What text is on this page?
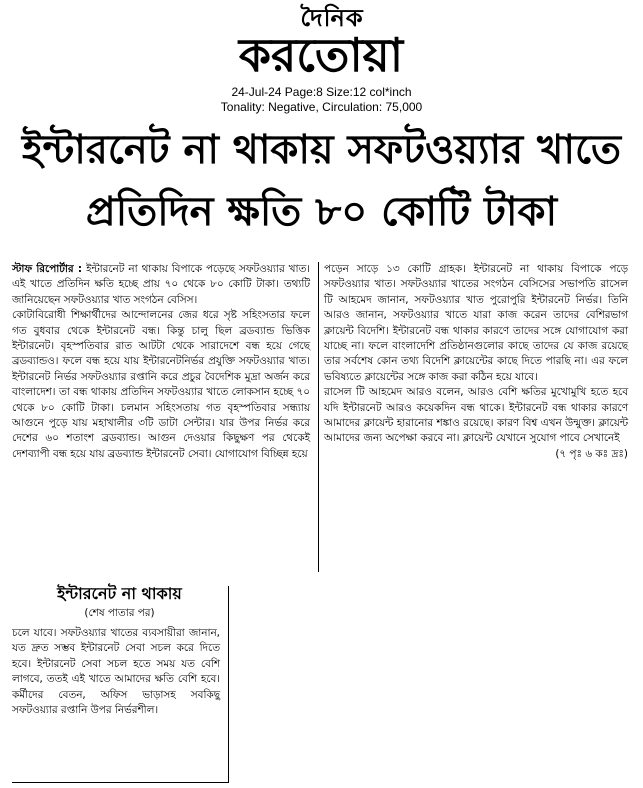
দৈনিক
করতোয়া
24-Jul-24 Page:8 Size:12 col*inch
Tonality: Negative, Circulation: 75,000
ইন্টারনেট না থাকায় সফটওয়্যার খাতে
প্রতিদিন ক্ষতি ৮০ কোটি টাকা

স্টাফ রিপোর্টার : ইন্টারনেট না থাকায় বিপাকে পড়েছে সফটওয়্যার খাত। এই খাতে প্রতিদিন ক্ষতি হচ্ছে প্রায় ৭০ থেকে ৮০ কোটি টাকা। তথ্যটি জানিয়েছেন সফটওয়্যার খাত সংগঠন বেসিস।

কোটাবিরোধী শিক্ষার্থীদের আন্দোলনের জের ধরে সৃষ্ট সহিংসতার ফলে গত বুধবার থেকে ইন্টারনেট বন্ধ। কিন্তু চালু ছিল ব্রডব্যান্ড ভিত্তিক ইন্টারনেট। বৃহস্পতিবার রাত আটটা থেকে সারাদেশে বন্ধ হয়ে গেছে ব্রডব্যান্ডও। ফলে বন্ধ হয়ে যায় ইন্টারনেটনির্ভর প্রযুক্তি সফটওয়্যার খাত। ইন্টারনেট নির্ভর সফটওয়্যার রপ্তানি করে প্রচুর বৈদেশিক মুদ্রা অর্জন করে বাংলাদেশ। তা বন্ধ থাকায় প্রতিদিন সফটওয়্যার খাতে লোকসান হচ্ছে ৭০ থেকে ৮০ কোটি টাকা। চলমান সহিংসতায় গত বৃহস্পতিবার সন্ধ্যায় আগুনে পুড়ে যায় মহাখালীর ৩টি ডাটা সেন্টার। যার উপর নির্ভর করে দেশের ৬০ শতাংশ ব্রডব্যান্ড। আগুন দেওয়ার কিছুক্ষণ পর থেকেই দেশব্যাপী বন্ধ হয়ে যায় ব্রডব্যান্ড ইন্টারনেট সেবা। যোগাযোগ বিচ্ছিন্ন হয়ে

পড়েন সাড়ে ১৩ কোটি গ্রাহক। ইন্টারনেট না থাকায় বিপাকে পড়ে সফটওয়্যার খাত। সফটওয়্যার খাতের সংগঠন বেসিসের সভাপতি রাসেল টি আহমেদ জানান, সফটওয়্যার খাত পুরোপুরি ইন্টারনেট নির্ভর। তিনি আরও জানান, সফটওয়্যার খাতে যারা কাজ করেন তাদের বেশিরভাগ ক্লায়েন্ট বিদেশি। ইন্টারনেট বন্ধ থাকার কারণে তাদের সঙ্গে যোগাযোগ করা যাচ্ছে না। ফলে বাংলাদেশি প্রতিষ্ঠানগুলোর কাছে তাদের যে কাজ রয়েছে তার সর্বশেষ কোন তথ্য বিদেশি ক্লায়েন্টের কাছে দিতে পারছি না। এর ফলে ভবিষ্যতে ক্লায়েন্টের সঙ্গে কাজ করা কঠিন হয়ে যাবে।

রাসেল টি আহমেদ আরও বলেন, আরও বেশি ক্ষতির মুখোমুখি হতে হবে যদি ইন্টারনেট আরও কয়েকদিন বন্ধ থাকে। ইন্টারনেট বন্ধ থাকার কারণে আমাদের ক্লায়েন্ট হারানোর শঙ্কাও রয়েছে। কারণ বিশ্ব এখন উন্মুক্ত। ক্লায়েন্ট আমাদের জন্য অপেক্ষা করবে না। ক্লায়েন্ট যেখানে সুযোগ পাবে সেখানেই

(৭ পৃঃ ৬ কঃ দ্রঃ)

ইন্টারনেট না থাকায়
(শেষ পাতার পর)
চলে যাবে। সফটওয়্যার খাতের ব্যবসায়ীরা জানান, যত দ্রুত সম্ভব ইন্টারনেট সেবা সচল করে দিতে হবে। ইন্টারনেট সেবা সচল হতে সময় যত বেশি লাগবে, ততই এই খাতে আমাদের ক্ষতি বেশি হবে। কর্মীদের বেতন, অফিস ভাড়াসহ সবকিছু সফটওয়্যার রপ্তানি উপর নির্ভরশীল।
